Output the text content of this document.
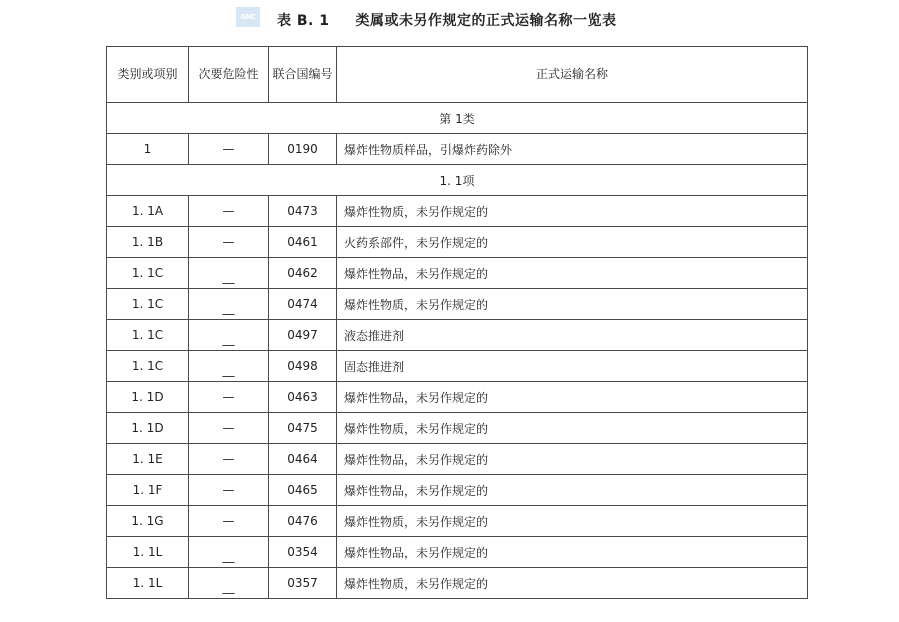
GNC	表 B. 1 类属或未另作规定的正式运输名称一览表
类别或项别	次要危险性	联合国编号	正式运输名称
第 1类			
1	—	0190	爆炸性物质样品，引爆炸药除外
1. 1项			
1. 1A	—	0473	爆炸性物质，未另作规定的
1. 1B	—	0461	火药系部件，未另作规定的
1. 1C	__	0462	爆炸性物品，未另作规定的
1. 1C	__	0474	爆炸性物质，未另作规定的
1. 1C	__	0497	液态推进剂
1. 1C	__	0498	固态推进剂
1. 1D	—	0463	爆炸性物品，未另作规定的
1. 1D	—	0475	爆炸性物质，未另作规定的
1. 1E	—	0464	爆炸性物品，未另作规定的
1. 1F	—	0465	爆炸性物品，未另作规定的
1. 1G	—	0476	爆炸性物质，未另作规定的
1. 1L	__	0354	爆炸性物品，未另作规定的
1. 1L	__	0357	爆炸性物质，未另作规定的
